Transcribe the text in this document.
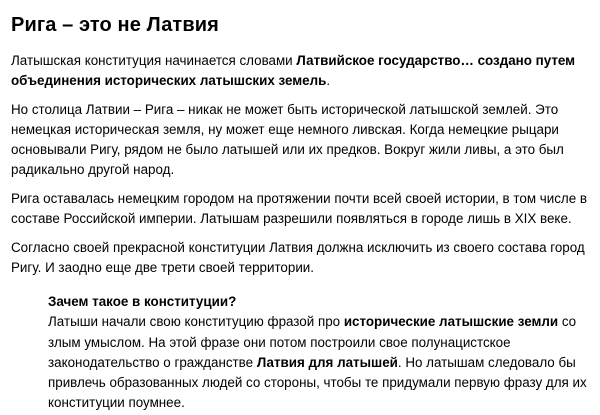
Рига – это не Латвия

Латышская конституция начинается словами Латвийское государство… создано путем объединения исторических латышских земель.

Но столица Латвии – Рига – никак не может быть исторической латышской землей. Это немецкая историческая земля, ну может еще немного ливская. Когда немецкие рыцари основывали Ригу, рядом не было латышей или их предков. Вокруг жили ливы, а это был радикально другой народ.

Рига оставалась немецким городом на протяжении почти всей своей истории, в том числе в составе Российской империи. Латышам разрешили появляться в городе лишь в XIX веке.

Согласно своей прекрасной конституции Латвия должна исключить из своего состава город Ригу. И заодно еще две трети своей территории.

Зачем такое в конституции?
Латыши начали свою конституцию фразой про исторические латышские земли со злым умыслом. На этой фразе они потом построили свое полунацистское законодательство о гражданстве Латвия для латышей. Но латышам следовало бы привлечь образованных людей со стороны, чтобы те придумали первую фразу для их конституции поумнее.
